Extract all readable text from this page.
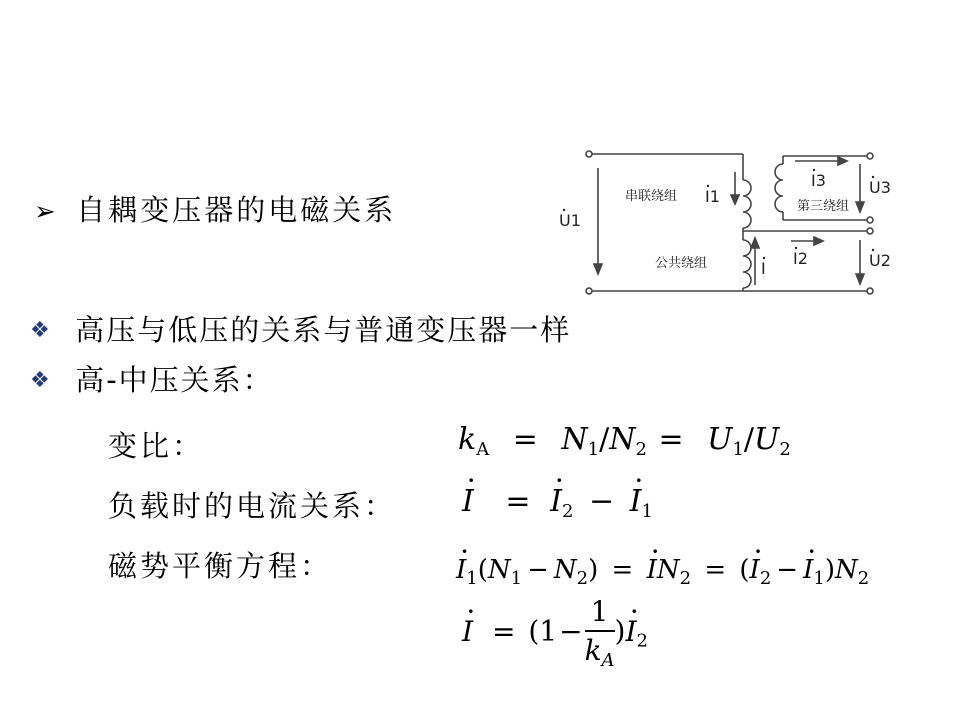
➢ 自耦变压器的电磁关系	U1
U3
U2
I1
I3
I2
I
串联绕组
公共绕组
第三绕组
❖ 高压与低压的关系与普通变压器一样
❖ 高-中压关系：
变比：
负载时的电流关系：
磁势平衡方程：
$k_A = N_1/N_2 = U_1/U_2$
· I = · $I_2$ − · $I_1$
· $I_1(N_1 - N_2)$ = · $IN_2$ = (· $I_2 -\cdot I_1)N_2$
· $I = (1- \frac{1}{k_A}$ )· $I_2$
